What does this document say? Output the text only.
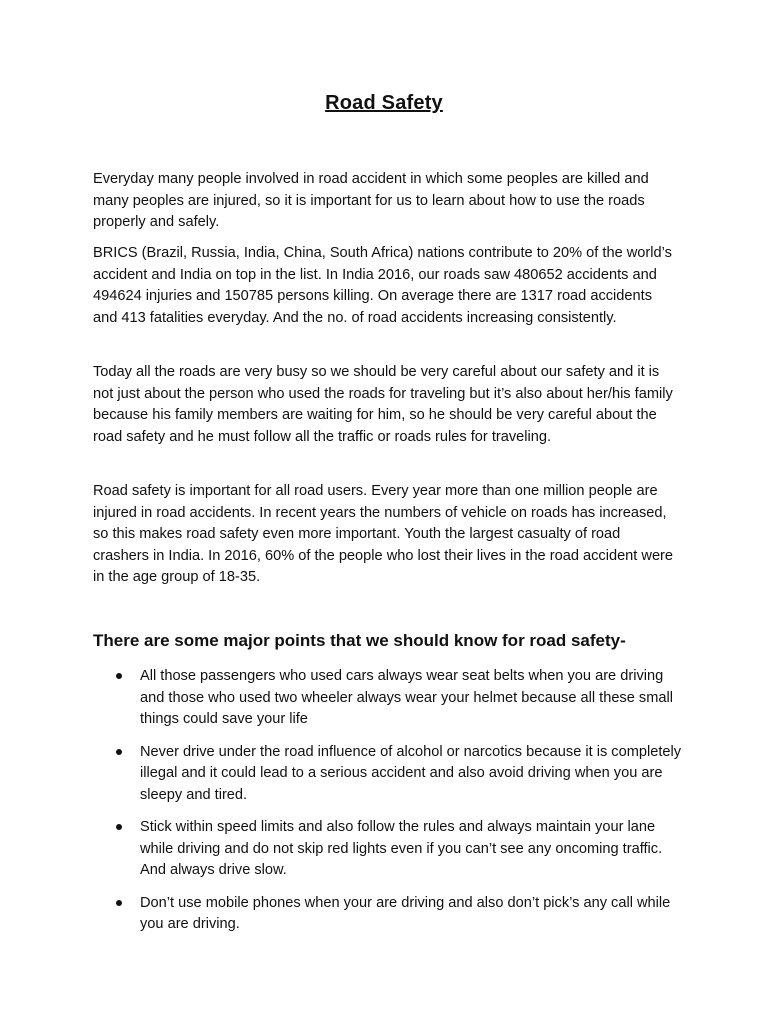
Road Safety

Everyday many people involved in road accident in which some peoples are killed and many peoples are injured, so it is important for us to learn about how to use the roads properly and safely.

BRICS (Brazil, Russia, India, China, South Africa) nations contribute to 20% of the world’s accident and India on top in the list. In India 2016, our roads saw 480652 accidents and 494624 injuries and 150785 persons killing. On average there are 1317 road accidents and 413 fatalities everyday. And the no. of road accidents increasing consistently.

Today all the roads are very busy so we should be very careful about our safety and it is not just about the person who used the roads for traveling but it’s also about her/his family because his family members are waiting for him, so he should be very careful about the road safety and he must follow all the traffic or roads rules for traveling.

Road safety is important for all road users. Every year more than one million people are injured in road accidents. In recent years the numbers of vehicle on roads has increased, so this makes road safety even more important. Youth the largest casualty of road crashers in India. In 2016, 60% of the people who lost their lives in the road accident were in the age group of 18-35.

There are some major points that we should know for road safety-
All those passengers who used cars always wear seat belts when you are driving and those who used two wheeler always wear your helmet because all these small things could save your life
Never drive under the road influence of alcohol or narcotics because it is completely illegal and it could lead to a serious accident and also avoid driving when you are sleepy and tired.
Stick within speed limits and also follow the rules and always maintain your lane while driving and do not skip red lights even if you can’t see any oncoming traffic. And always drive slow.
Don’t use mobile phones when your are driving and also don’t pick’s any call while you are driving.
